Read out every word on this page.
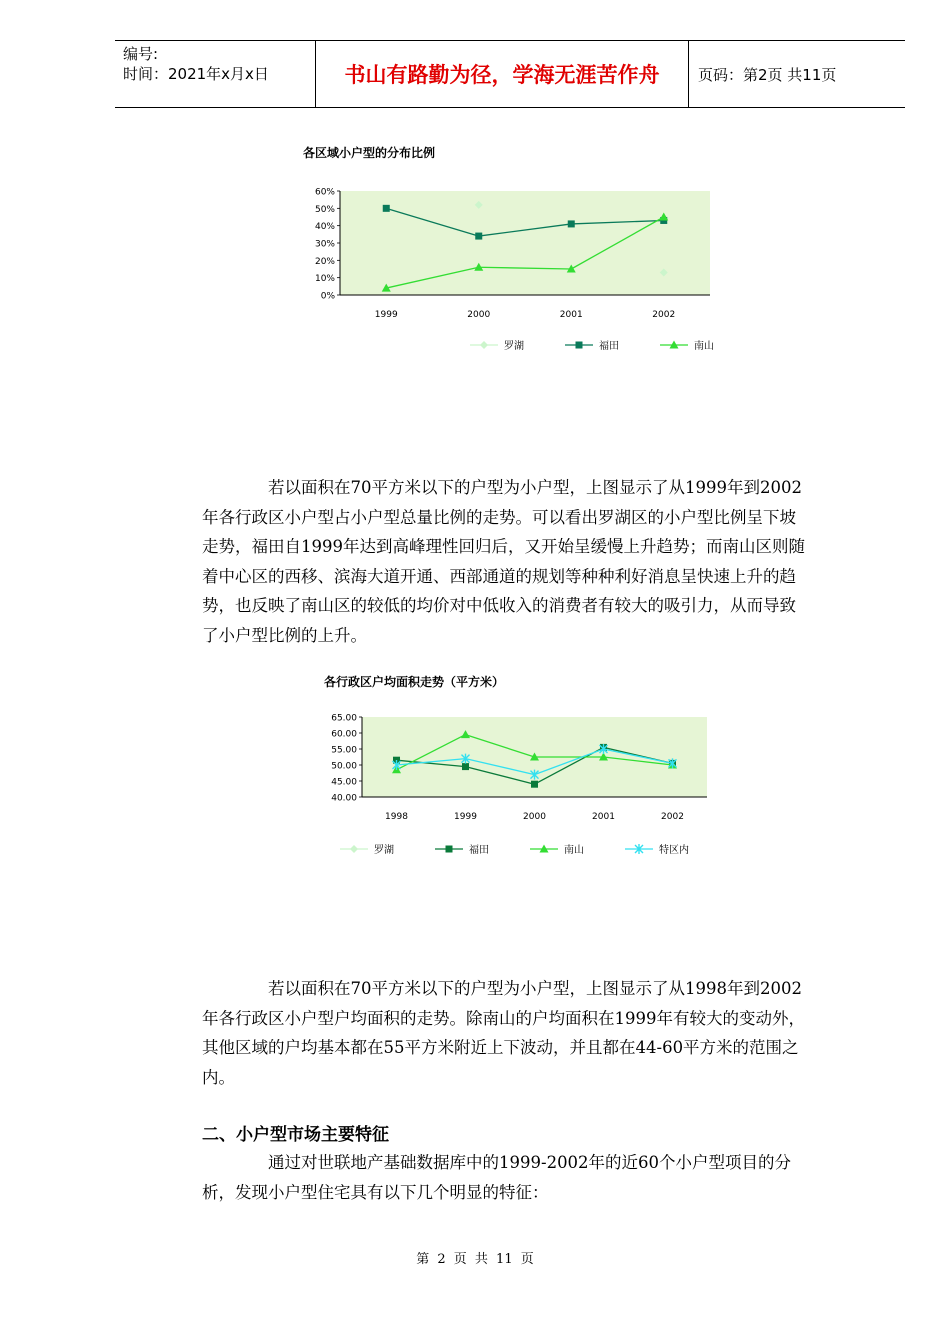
编号:
时间：2021年x月x日	书山有路勤为径，学海无涯苦作舟	页码：第2页 共11页
各区域小户型的分布比例
0%
10%
20%
30%
40%
50%
60%
1999	2000	2001	2002
罗湖	福田	南山

若以面积在70平方米以下的户型为小户型，上图显示了从1999年到2002年各行政区小户型占小户型总量比例的走势。可以看出罗湖区的小户型比例呈下坡走势，福田自1999年达到高峰理性回归后，又开始呈缓慢上升趋势；而南山区则随着中心区的西移、滨海大道开通、西部通道的规划等种种利好消息呈快速上升的趋势，也反映了南山区的较低的均价对中低收入的消费者有较大的吸引力，从而导致了小户型比例的上升。

各行政区户均面积走势（平方米）
40.00
45.00
50.00
55.00
60.00
65.00
1998	1999	2000	2001	2002
罗湖	福田	南山	特区内

若以面积在70平方米以下的户型为小户型，上图显示了从1998年到2002年各行政区小户型户均面积的走势。除南山的户均面积在1999年有较大的变动外，其他区域的户均基本都在55平方米附近上下波动，并且都在44-60平方米的范围之内。

二、小户型市场主要特征

通过对世联地产基础数据库中的1999-2002年的近60个小户型项目的分析，发现小户型住宅具有以下几个明显的特征：

第 2 页 共 11 页
